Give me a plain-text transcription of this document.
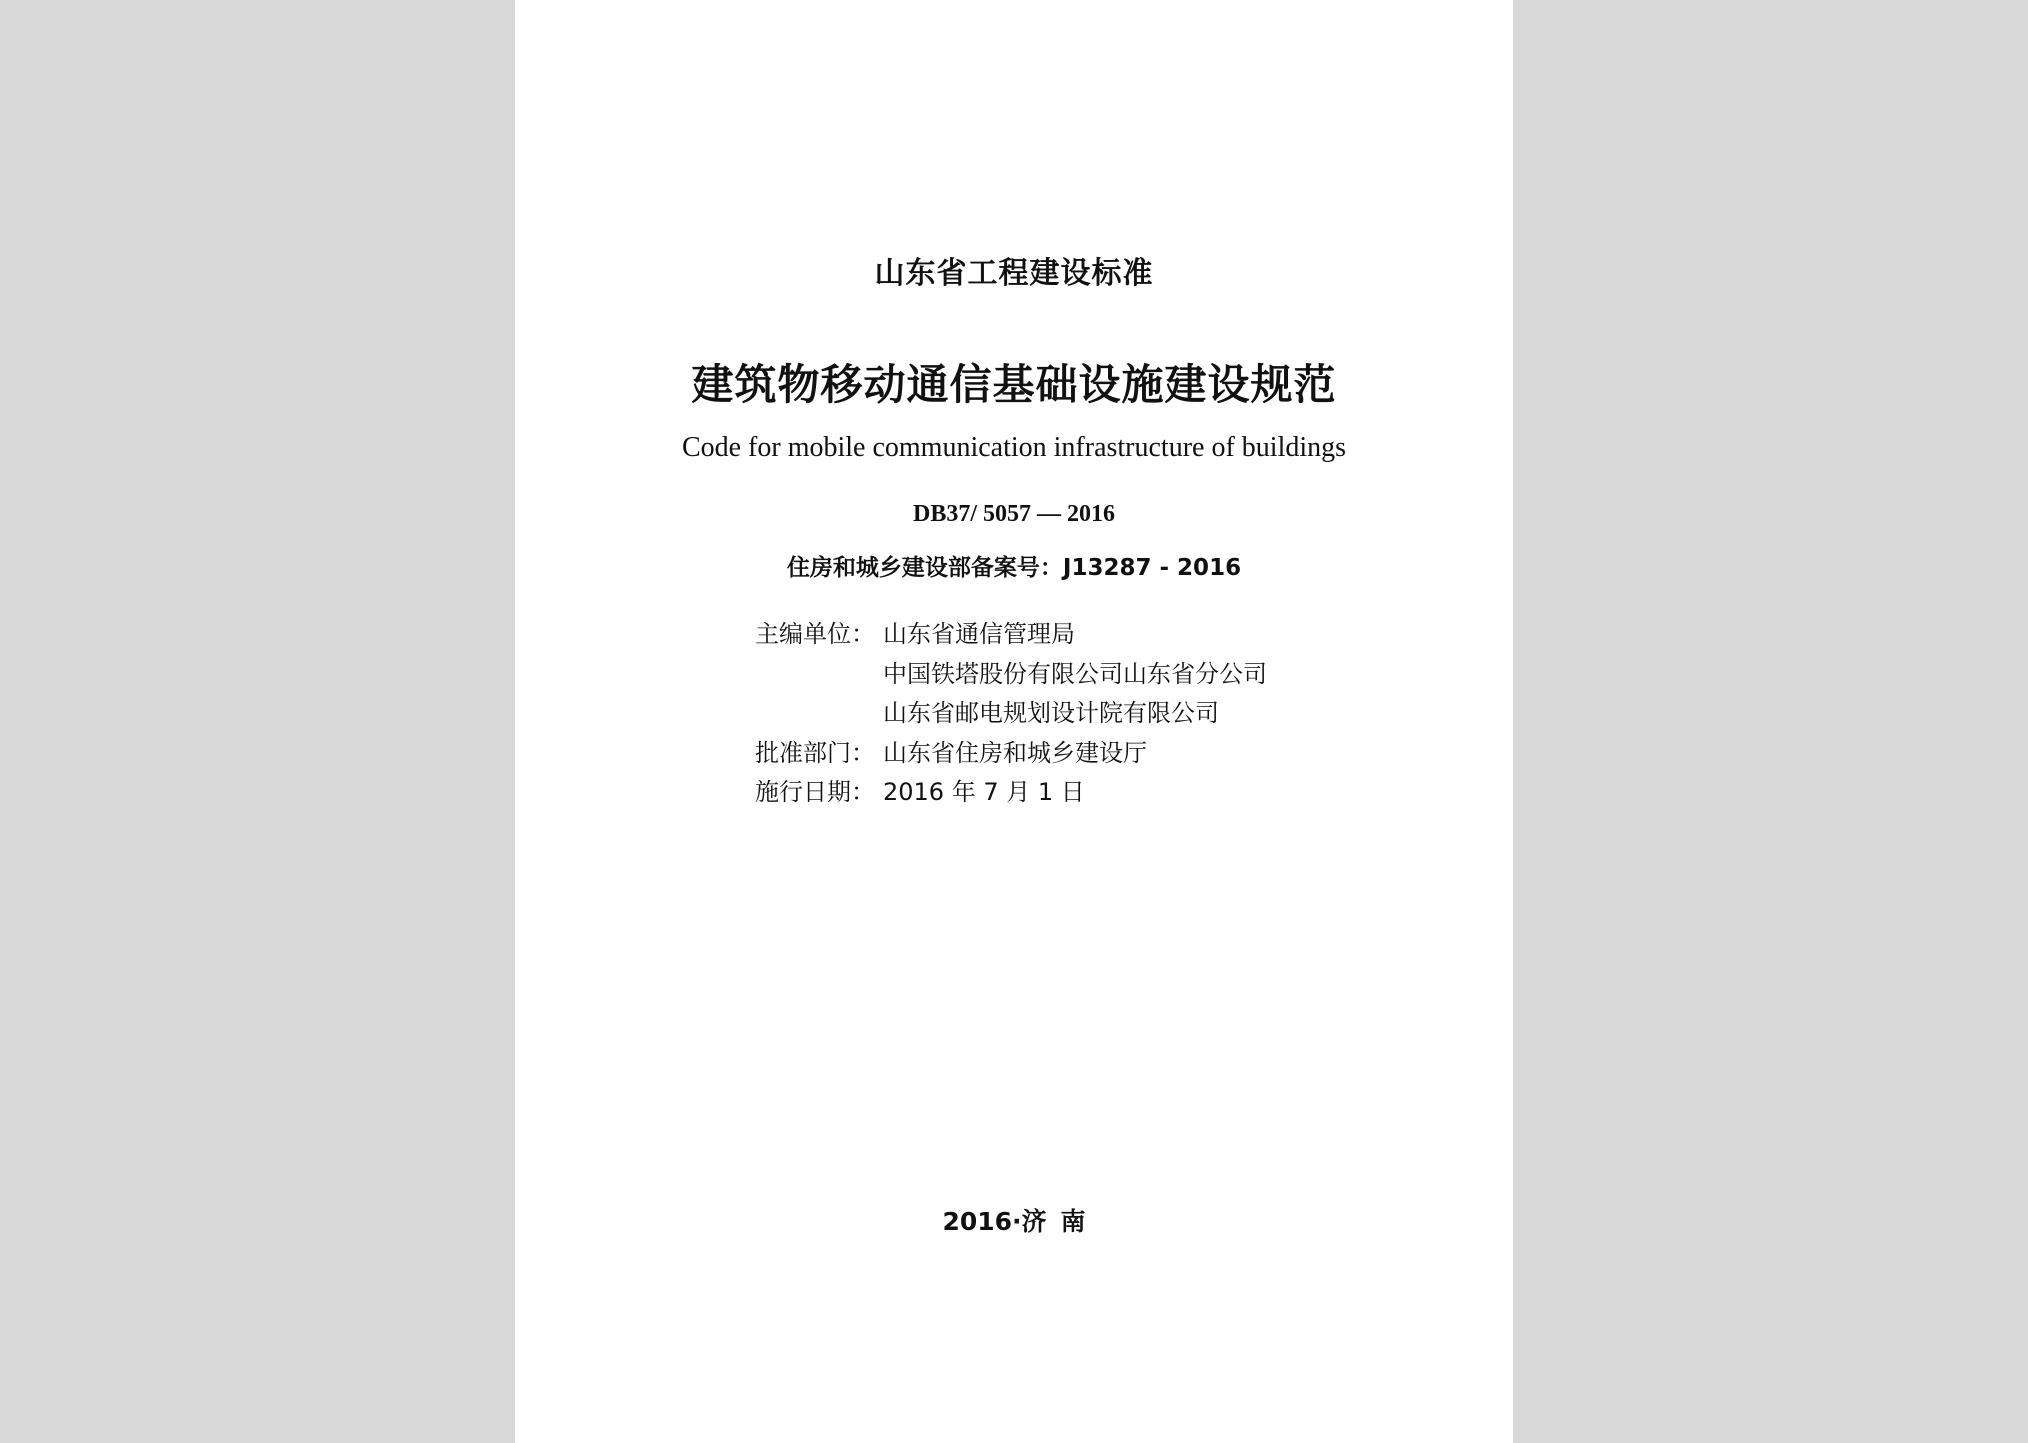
山东省工程建设标准
建筑物移动通信基础设施建设规范
Code for mobile communication infrastructure of buildings
DB37/ 5057 — 2016
住房和城乡建设部备案号：J13287 - 2016
主编单位： 山东省通信管理局
中国铁塔股份有限公司山东省分公司
山东省邮电规划设计院有限公司
批准部门： 山东省住房和城乡建设厅
施行日期： 2016 年 7 月 1 日
2016·济 南
